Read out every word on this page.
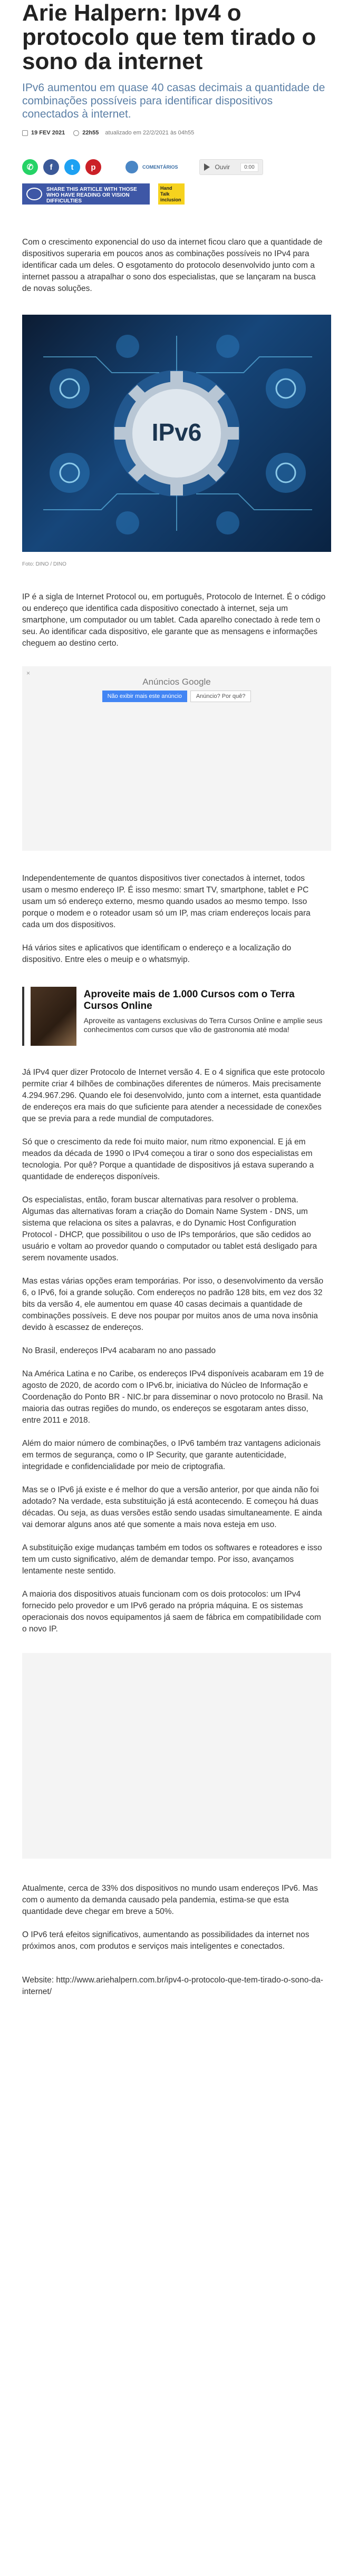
Arie Halpern: Ipv4 o protocolo que tem tirado o sono da internet
IPv6 aumentou em quase 40 casas decimais a quantidade de combinações possíveis para identificar dispositivos conectados à internet.
19 FEV 2021	22h55 atualizado em 22/2/2021 às 04h55
✆	f	t	p	COMENTÁRIOS	Ouvir	0:00
SHARE THIS ARTICLE WITH THOSE WHO HAVE READING OR VISION DIFFICULTIES
Hand Talk inclusion

Com o crescimento exponencial do uso da internet ficou claro que a quantidade de dispositivos superaria em poucos anos as combinações possíveis no IPv4 para identificar cada um deles. O esgotamento do protocolo desenvolvido junto com a internet passou a atrapalhar o sono dos especialistas, que se lançaram na busca de novas soluções.

IPv6
Foto: DINO / DINO

IP é a sigla de Internet Protocol ou, em português, Protocolo de Internet. É o código ou endereço que identifica cada dispositivo conectado à internet, seja um smartphone, um computador ou um tablet. Cada aparelho conectado à rede tem o seu. Ao identificar cada dispositivo, ele garante que as mensagens e informações cheguem ao destino certo.

×
Anúncios Google
Não exibir mais este anúncio	Anúncio? Por quê?

Independentemente de quantos dispositivos tiver conectados à internet, todos usam o mesmo endereço IP. É isso mesmo: smart TV, smartphone, tablet e PC usam um só endereço externo, mesmo quando usados ao mesmo tempo. Isso porque o modem e o roteador usam só um IP, mas criam endereços locais para cada um dos dispositivos.

Há vários sites e aplicativos que identificam o endereço e a localização do dispositivo. Entre eles o meuip e o whatsmyip.

Aproveite mais de 1.000 Cursos com o Terra Cursos Online
Aproveite as vantagens exclusivas do Terra Cursos Online e amplie seus conhecimentos com cursos que vão de gastronomia até moda!

Já IPv4 quer dizer Protocolo de Internet versão 4. E o 4 significa que este protocolo permite criar 4 bilhões de combinações diferentes de números. Mais precisamente 4.294.967.296. Quando ele foi desenvolvido, junto com a internet, esta quantidade de endereços era mais do que suficiente para atender a necessidade de conexões que se previa para a rede mundial de computadores.

Só que o crescimento da rede foi muito maior, num ritmo exponencial. E já em meados da década de 1990 o IPv4 começou a tirar o sono dos especialistas em tecnologia. Por quê? Porque a quantidade de dispositivos já estava superando a quantidade de endereços disponíveis.

Os especialistas, então, foram buscar alternativas para resolver o problema. Algumas das alternativas foram a criação do Domain Name System - DNS, um sistema que relaciona os sites a palavras, e do Dynamic Host Configuration Protocol - DHCP, que possibilitou o uso de IPs temporários, que são cedidos ao usuário e voltam ao provedor quando o computador ou tablet está desligado para serem novamente usados.

Mas estas várias opções eram temporárias. Por isso, o desenvolvimento da versão 6, o IPv6, foi a grande solução. Com endereços no padrão 128 bits, em vez dos 32 bits da versão 4, ele aumentou em quase 40 casas decimais a quantidade de combinações possíveis. E deve nos poupar por muitos anos de uma nova insônia devido à escassez de endereços.

No Brasil, endereços IPv4 acabaram no ano passado

Na América Latina e no Caribe, os endereços IPv4 disponíveis acabaram em 19 de agosto de 2020, de acordo com o IPv6.br, iniciativa do Núcleo de Informação e Coordenação do Ponto BR - NIC.br para disseminar o novo protocolo no Brasil. Na maioria das outras regiões do mundo, os endereços se esgotaram antes disso, entre 2011 e 2018.

Além do maior número de combinações, o IPv6 também traz vantagens adicionais em termos de segurança, como o IP Security, que garante autenticidade, integridade e confidencialidade por meio de criptografia.

Mas se o IPv6 já existe e é melhor do que a versão anterior, por que ainda não foi adotado? Na verdade, esta substituição já está acontecendo. E começou há duas décadas. Ou seja, as duas versões estão sendo usadas simultaneamente. E ainda vai demorar alguns anos até que somente a mais nova esteja em uso.

A substituição exige mudanças também em todos os softwares e roteadores e isso tem um custo significativo, além de demandar tempo. Por isso, avançamos lentamente neste sentido.

A maioria dos dispositivos atuais funcionam com os dois protocolos: um IPv4 fornecido pelo provedor e um IPv6 gerado na própria máquina. E os sistemas operacionais dos novos equipamentos já saem de fábrica em compatibilidade com o novo IP.

Atualmente, cerca de 33% dos dispositivos no mundo usam endereços IPv6. Mas com o aumento da demanda causado pela pandemia, estima-se que esta quantidade deve chegar em breve a 50%.

O IPv6 terá efeitos significativos, aumentando as possibilidades da internet nos próximos anos, com produtos e serviços mais inteligentes e conectados.

Website: http://www.ariehalpern.com.br/ipv4-o-protocolo-que-tem-tirado-o-sono-da-internet/
